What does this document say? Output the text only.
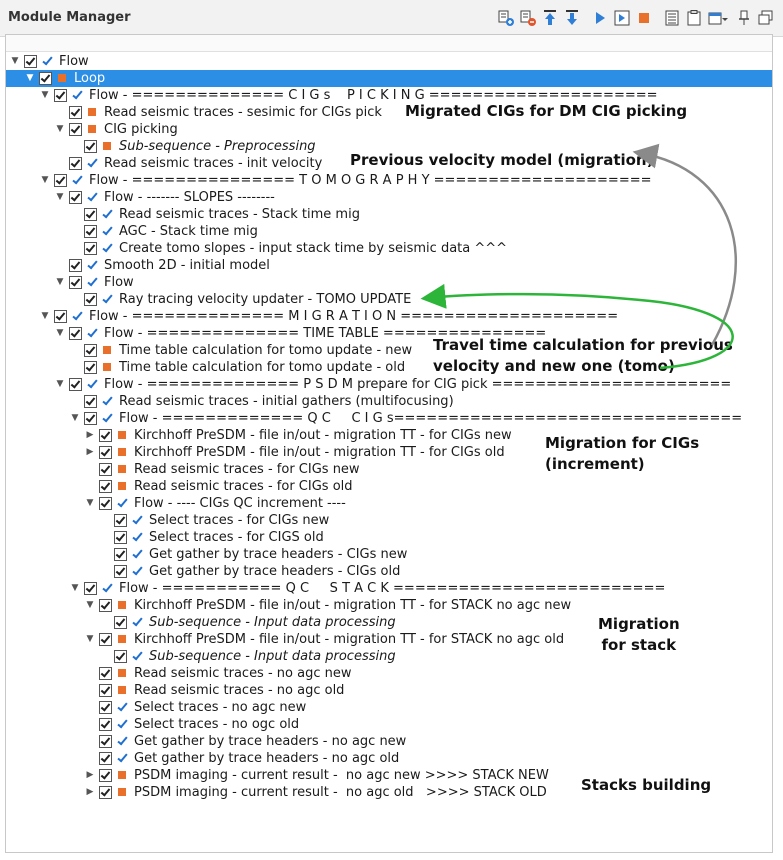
Module Manager
▼	Flow
▼	Loop
▼	Flow - ============== C I G s    P I C K I N G =====================
Read seismic traces - sesimic for CIGs pick
▼	CIG picking
Sub-sequence - Preprocessing
Read seismic traces - init velocity
▼	Flow - =============== T O M O G R A P H Y ====================
▼	Flow - ------- SLOPES --------
Read seismic traces - Stack time mig
AGC - Stack time mig
Create tomo slopes - input stack time by seismic data ^^^
Smooth 2D - initial model
▼	Flow
Ray tracing velocity updater - TOMO UPDATE
▼	Flow - ============== M I G R A T I O N ====================
▼	Flow - ============== TIME TABLE ===============
Time table calculation for tomo update - new
Time table calculation for tomo update - old
▼	Flow - ============== P S D M prepare for CIG pick ======================
Read seismic traces - initial gathers (multifocusing)
▼	Flow - ============= Q C     C I G s================================
▶	Kirchhoff PreSDM - file in/out - migration TT - for CIGs new
▶	Kirchhoff PreSDM - file in/out - migration TT - for CIGs old
Read seismic traces - for CIGs new
Read seismic traces - for CIGs old
▼	Flow - ---- CIGs QC increment ----
Select traces - for CIGs new
Select traces - for CIGS old
Get gather by trace headers - CIGs new
Get gather by trace headers - CIGs old
▼	Flow - =========== Q C     S T A C K =========================
▼	Kirchhoff PreSDM - file in/out - migration TT - for STACK no agc new
Sub-sequence - Input data processing
▼	Kirchhoff PreSDM - file in/out - migration TT - for STACK no agc old
Sub-sequence - Input data processing
Read seismic traces - no agc new
Read seismic traces - no agc old
Select traces - no agc new
Select traces - no ogc old
Get gather by trace headers - no agc new
Get gather by trace headers - no agc old
▶	PSDM imaging - current result -  no agc new >>>> STACK NEW
▶	PSDM imaging - current result -  no agc old   >>>> STACK OLD
Migrated CIGs for DM CIG picking
Previous velocity model (migration)
Travel time calculation for previous
velocity and new one (tomo)
Migration for CIGs
(increment)
Migration
for stack
Stacks building
